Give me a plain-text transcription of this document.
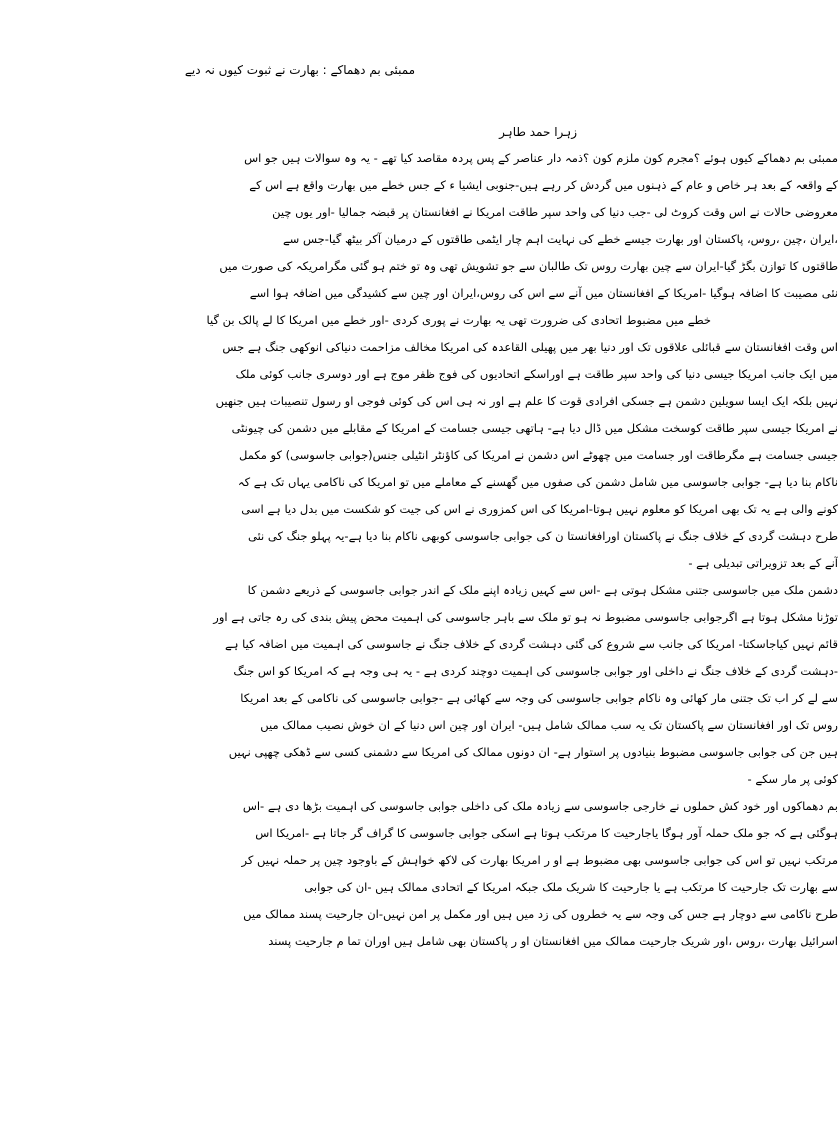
ممبئی بم دھماکے : بھارت نے ثبوت کیوں نہ دیے
زہرا حمد طاہر
ممبئی بم دھماکے کیوں ہوئے ؟مجرم کون ملزم کون ؟ذمہ دار عناصر کے پس پردہ مقاصد کیا تھے - یہ وہ سوالات ہیں جو اس
کے واقعہ کے بعد ہر خاص و عام کے ذہنوں میں گردش کر رہے ہیں-جنوبی ایشیا ء کے جس خطے میں بھارت واقع ہے اس کے
معروضی حالات نے اس وقت کروٹ لی -جب دنیا کی واحد سپر طاقت امریکا نے افغانستان پر قبضہ جمالیا -اور یوں چین
،ایران ،چین ،روس، پاکستان اور بھارت جیسے خطے کی نہایت اہم چار ایٹمی طاقتوں کے درمیان آکر بیٹھ گیا-جس سے
طاقتوں کا توازن بگڑ گیا-ایران سے چین بھارت روس تک طالبان سے جو تشویش تھی وہ تو ختم ہو گئی مگرامریکہ کی صورت میں
نئی مصیبت کا اضافہ ہوگیا -امریکا کے افغانستان میں آنے سے اس کی روس،ایران اور چین سے کشیدگی میں اضافہ ہوا اسے
خطے میں مضبوط اتحادی کی ضرورت تھی یہ بھارت نے پوری کردی -اور خطے میں امریکا کا لے پالک بن گیا
اس وقت افغانستان سے قبائلی علاقوں تک اور دنیا بھر میں پھیلی القاعدہ کی امریکا مخالف مزاحمت دنیاکی انوکھی جنگ ہے جس
میں ایک جانب امریکا جیسی دنیا کی واحد سپر طاقت ہے اوراسکے اتحادیوں کی فوج ظفر موج ہے اور دوسری جانب کوئی ملک
نہیں بلکہ ایک ایسا سویلین دشمن ہے جسکی افرادی قوت کا علم ہے اور نہ ہی اس کی کوئی فوجی او رسول تنصیبات ہیں جنھیں
نے امریکا جیسی سپر طاقت کوسخت مشکل میں ڈال دیا ہے- ہاتھی جیسی جسامت کے امریکا کے مقابلے میں دشمن کی چیونٹی
جیسی جسامت ہے مگرطاقت اور جسامت میں چھوٹے اس دشمن نے امریکا کی کاؤنٹر انٹیلی جنس(جوابی جاسوسی) کو مکمل
ناکام بنا دیا ہے- جوابی جاسوسی میں شامل دشمن کی صفوں میں گھسنے کے معاملے میں تو امریکا کی ناکامی یہاں تک ہے کہ
کونے والی ہے یہ تک بھی امریکا کو معلوم نہیں ہوتا-امریکا کی اس کمزوری نے اس کی جیت کو شکست میں بدل دیا ہے اسی
طرح دہشت گردی کے خلاف جنگ نے پاکستان اورافغانستا ن کی جوابی جاسوسی کوبھی ناکام بنا دیا ہے-یہ پہلو جنگ کی نئی
آنے کے بعد تزویراتی تبدیلی ہے -
دشمن ملک میں جاسوسی جتنی مشکل ہوتی ہے -اس سے کہیں زیادہ اپنے ملک کے اندر جوابی جاسوسی کے ذریعے دشمن کا
توڑنا مشکل ہوتا ہے اگرجوابی جاسوسی مضبوط نہ ہو تو ملک سے باہر جاسوسی کی اہمیت محض پیش بندی کی رہ جاتی ہے اور
قائم نہیں کیاجاسکتا- امریکا کی جانب سے شروع کی گئی دہشت گردی کے خلاف جنگ نے جاسوسی کی اہمیت میں اضافہ کیا ہے
-دہشت گردی کے خلاف جنگ نے داخلی اور جوابی جاسوسی کی اہمیت دوچند کردی ہے - یہ ہی وجہ ہے کہ امریکا کو اس جنگ
سے لے کر اب تک جتنی مار کھائی وہ ناکام جوابی جاسوسی کی وجہ سے کھائی ہے -جوابی جاسوسی کی ناکامی کے بعد امریکا
روس تک اور افغانستان سے پاکستان تک یہ سب ممالک شامل ہیں- ایران اور چین اس دنیا کے ان خوش نصیب ممالک میں
ہیں جن کی جوابی جاسوسی مضبوط بنیادوں پر استوار ہے- ان دونوں ممالک کی امریکا سے دشمنی کسی سے ڈھکی چھپی نہیں
کوئی پر مار سکے -
بم دھماکوں اور خود کش حملوں نے خارجی جاسوسی سے زیادہ ملک کی داخلی جوابی جاسوسی کی اہمیت بڑھا دی ہے -اس
ہوگئی ہے کہ جو ملک حملہ آور ہوگا یاجارحیت کا مرتکب ہوتا ہے اسکی جوابی جاسوسی کا گراف گر جاتا ہے -امریکا اس
مرتکب نہیں تو اس کی جوابی جاسوسی بھی مضبوط ہے او ر امریکا بھارت کی لاکھ خواہش کے باوجود چین پر حملہ نہیں کر
سے بھارت تک جارحیت کا مرتکب ہے یا جارحیت کا شریک ملک جبکہ امریکا کے اتحادی ممالک ہیں -ان کی جوابی
طرح ناکامی سے دوچار ہے جس کی وجہ سے یہ خطروں کی زد میں ہیں اور مکمل پر امن نہیں-ان جارحیت پسند ممالک میں
اسرائیل بھارت ،روس ،اور شریک جارحیت ممالک میں افغانستان او ر پاکستان بھی شامل ہیں اوران تما م جارحیت پسند
